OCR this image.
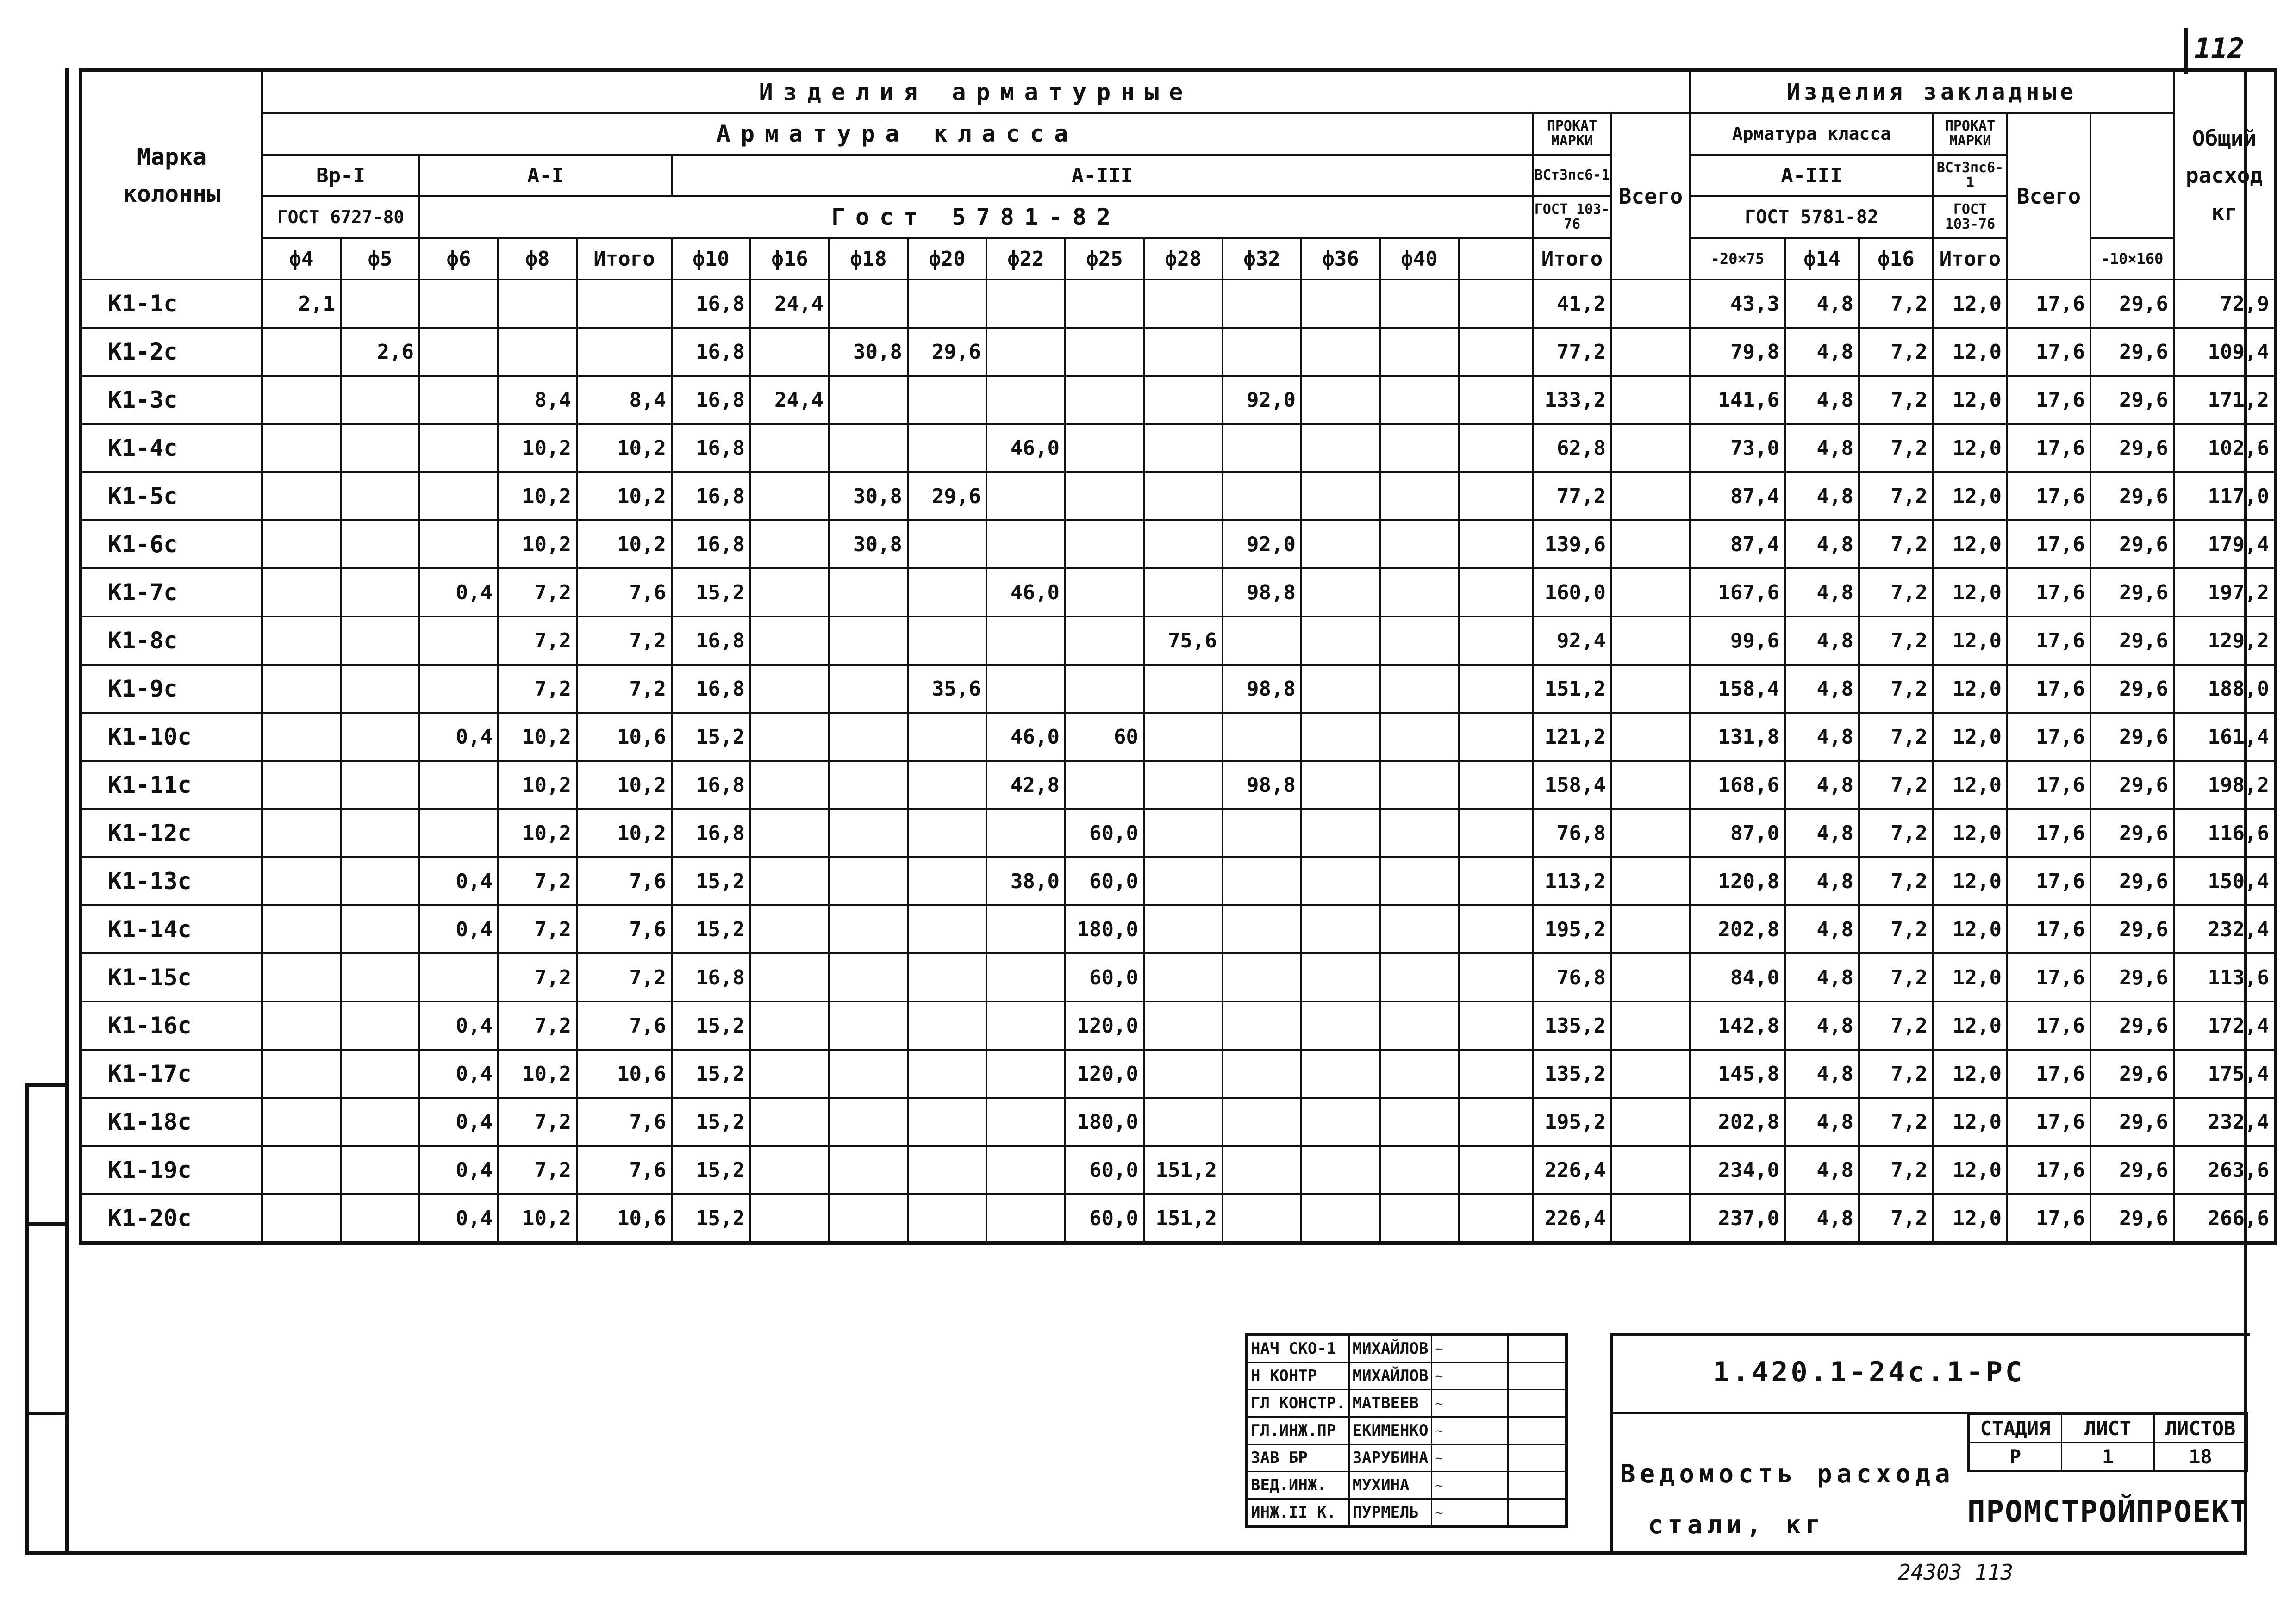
112
Марка колонны	Изделия арматурные																		Изделия закладные						Общий расход кг
	Арматура класса																ПРОКАТ МАРКИ	Всего	Арматура класса			ПРОКАТ МАРКИ	Всего		
	Вр-I		А-I			А-III											ВСт3пс6-1		А-III			ВСт3пс6-1			
	ГОСТ 6727-80		Гост 5781-82														ГОСТ 103-76		ГОСТ 5781-82			ГОСТ 103-76			
	ф4	ф5	ф6	ф8	Итого	ф10	ф16	ф18	ф20	ф22	ф25	ф28	ф32	ф36	ф40		Итого		-20×75	ф14	ф16	Итого		-10×160	
К1-1с	2,1					16,8	24,4										41,2		43,3	4,8	7,2	12,0	17,6	29,6	72,9
К1-2с		2,6				16,8		30,8	29,6								77,2		79,8	4,8	7,2	12,0	17,6	29,6	109,4
К1-3с				8,4	8,4	16,8	24,4						92,0				133,2		141,6	4,8	7,2	12,0	17,6	29,6	171,2
К1-4с				10,2	10,2	16,8				46,0							62,8		73,0	4,8	7,2	12,0	17,6	29,6	102,6
К1-5с				10,2	10,2	16,8		30,8	29,6								77,2		87,4	4,8	7,2	12,0	17,6	29,6	117,0
К1-6с				10,2	10,2	16,8		30,8					92,0				139,6		87,4	4,8	7,2	12,0	17,6	29,6	179,4
К1-7с			0,4	7,2	7,6	15,2				46,0			98,8				160,0		167,6	4,8	7,2	12,0	17,6	29,6	197,2
К1-8с				7,2	7,2	16,8						75,6					92,4		99,6	4,8	7,2	12,0	17,6	29,6	129,2
К1-9с				7,2	7,2	16,8			35,6				98,8				151,2		158,4	4,8	7,2	12,0	17,6	29,6	188,0
К1-10с			0,4	10,2	10,6	15,2				46,0	60						121,2		131,8	4,8	7,2	12,0	17,6	29,6	161,4
К1-11с				10,2	10,2	16,8				42,8			98,8				158,4		168,6	4,8	7,2	12,0	17,6	29,6	198,2
К1-12с				10,2	10,2	16,8					60,0						76,8		87,0	4,8	7,2	12,0	17,6	29,6	116,6
К1-13с			0,4	7,2	7,6	15,2				38,0	60,0						113,2		120,8	4,8	7,2	12,0	17,6	29,6	150,4
К1-14с			0,4	7,2	7,6	15,2					180,0						195,2		202,8	4,8	7,2	12,0	17,6	29,6	232,4
К1-15с				7,2	7,2	16,8					60,0						76,8		84,0	4,8	7,2	12,0	17,6	29,6	113,6
К1-16с			0,4	7,2	7,6	15,2					120,0						135,2		142,8	4,8	7,2	12,0	17,6	29,6	172,4
К1-17с			0,4	10,2	10,6	15,2					120,0						135,2		145,8	4,8	7,2	12,0	17,6	29,6	175,4
К1-18с			0,4	7,2	7,6	15,2					180,0						195,2		202,8	4,8	7,2	12,0	17,6	29,6	232,4
К1-19с			0,4	7,2	7,6	15,2					60,0	151,2					226,4		234,0	4,8	7,2	12,0	17,6	29,6	263,6
К1-20с			0,4	10,2	10,6	15,2					60,0	151,2					226,4		237,0	4,8	7,2	12,0	17,6	29,6	266,6
НАЧ СКО-1	МИХАЙЛОВ	~	
Н КОНТР	МИХАЙЛОВ	~	
ГЛ КОНСТР.	МАТВЕЕВ	~	
ГЛ.ИНЖ.ПР	ЕКИМЕНКО	~	
ЗАВ БР	ЗАРУБИНА	~	
ВЕД.ИНЖ.	МУХИНА	~	
ИНЖ.II К.	ПУРМЕЛЬ	~	
1.420.1-24с.1-РС
Ведомость расхода
стали, кг
СТАДИЯ	ЛИСТ	ЛИСТОВ
Р	1	18
ПРОМСТРОЙПРОЕКТ
24303 113
